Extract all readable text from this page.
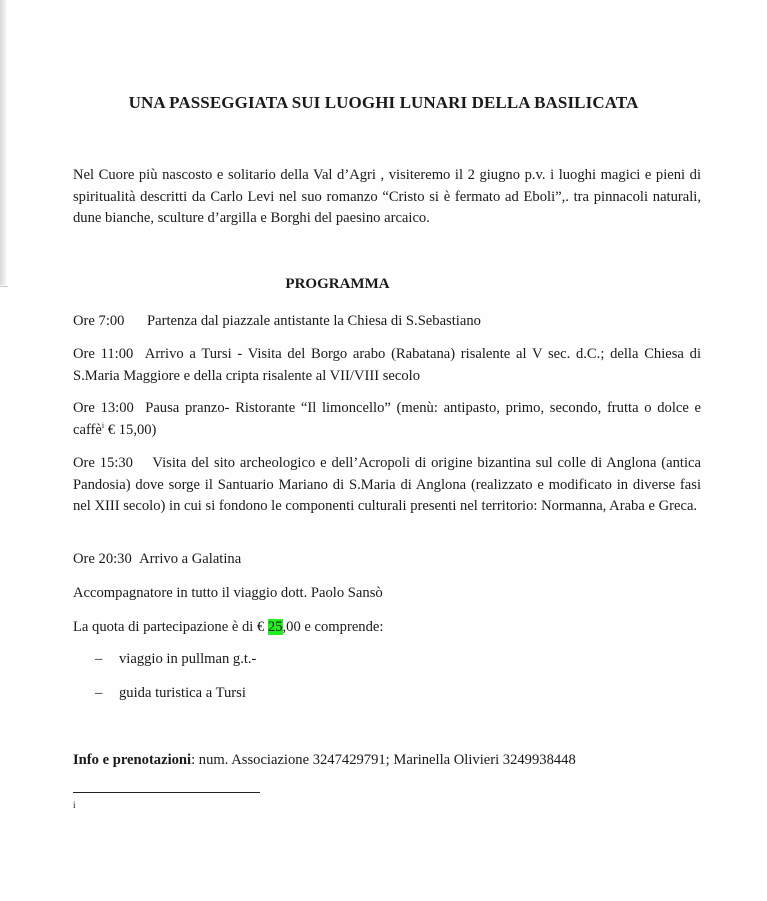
UNA PASSEGGIATA SUI LUOGHI LUNARI DELLA BASILICATA
Nel Cuore più nascosto e solitario della Val d’Agri , visiteremo il 2 giugno p.v. i luoghi magici e pieni di spiritualità descritti da Carlo Levi nel suo romanzo “Cristo si è fermato ad Eboli”,. tra pinnacoli naturali, dune bianche, sculture d’argilla e Borghi del paesino arcaico.
PROGRAMMA
Ore 7:00 Partenza dal piazzale antistante la Chiesa di S.Sebastiano
Ore 11:00 Arrivo a Tursi - Visita del Borgo arabo (Rabatana) risalente al V sec. d.C.; della Chiesa di S.Maria Maggiore e della cripta risalente al VII/VIII secolo
Ore 13:00 Pausa pranzo- Ristorante “Il limoncello” (menù: antipasto, primo, secondo, frutta o dolce e caffè$^i$ € 15,00)
Ore 15:30 Visita del sito archeologico e dell’Acropoli di origine bizantina sul colle di Anglona (antica Pandosia) dove sorge il Santuario Mariano di S.Maria di Anglona (realizzato e modificato in diverse fasi nel XIII secolo) in cui si fondono le componenti culturali presenti nel territorio: Normanna, Araba e Greca.
Ore 20:30 Arrivo a Galatina
Accompagnatore in tutto il viaggio dott. Paolo Sansò
La quota di partecipazione è di € 25,00 e comprende:
– viaggio in pullman g.t.-
– guida turistica a Tursi
Info e prenotazioni: num. Associazione 3247429791; Marinella Olivieri 3249938448
i
